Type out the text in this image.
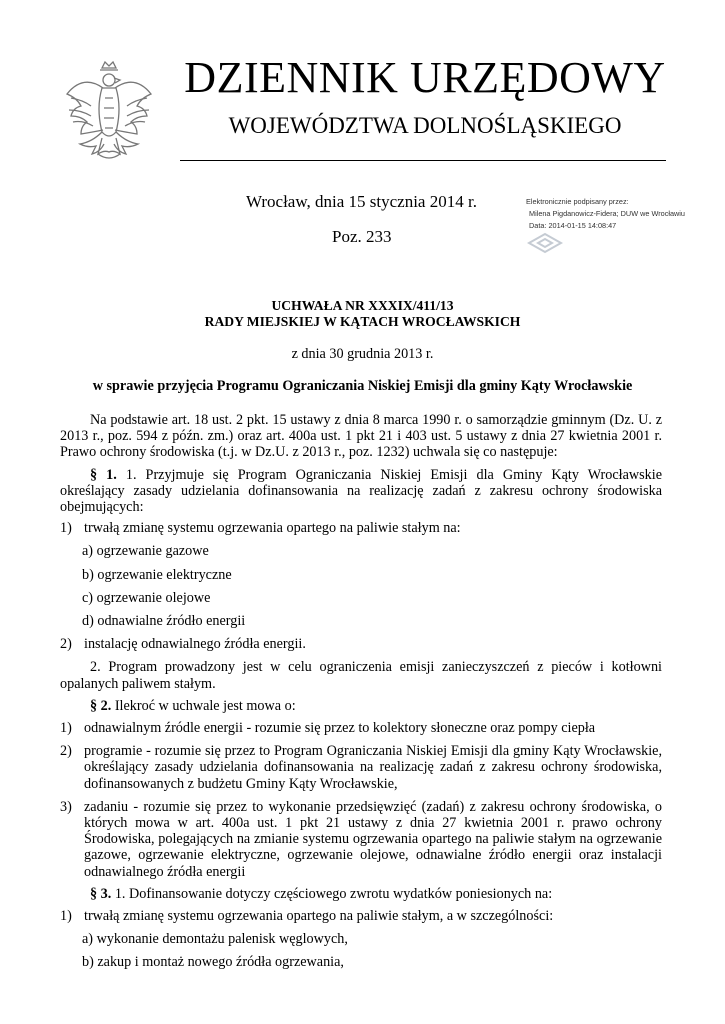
DZIENNIK URZĘDOWY
WOJEWÓDZTWA DOLNOŚLĄSKIEGO
Wrocław, dnia 15 stycznia 2014 r.
Poz. 233
Elektronicznie podpisany przez:
Milena Pigdanowicz-Fidera; DUW we Wrocławiu
Data: 2014-01-15 14:08:47
UCHWAŁA NR XXXIX/411/13
RADY MIEJSKIEJ W KĄTACH WROCŁAWSKICH
z dnia 30 grudnia 2013 r.
w sprawie przyjęcia Programu Ograniczania Niskiej Emisji dla gminy Kąty Wrocławskie

Na podstawie art. 18 ust. 2 pkt. 15 ustawy z dnia 8 marca 1990 r. o samorządzie gminnym (Dz. U. z 2013 r., poz. 594 z późn. zm.) oraz art. 400a ust. 1 pkt 21 i 403 ust. 5 ustawy z dnia 27 kwietnia 2001 r. Prawo ochrony środowiska (t.j. w Dz.U. z 2013 r., poz. 1232) uchwala się co następuje:

§ 1. 1. Przyjmuje się Program Ograniczania Niskiej Emisji dla Gminy Kąty Wrocławskie określający zasady udzielania dofinansowania na realizację zadań z zakresu ochrony środowiska obejmujących:

1) trwałą zmianę systemu ogrzewania opartego na paliwie stałym na:
a) ogrzewanie gazowe
b) ogrzewanie elektryczne
c) ogrzewanie olejowe
d) odnawialne źródło energii
2) instalację odnawialnego źródła energii.

2. Program prowadzony jest w celu ograniczenia emisji zanieczyszczeń z pieców i kotłowni opalanych paliwem stałym.

§ 2. Ilekroć w uchwale jest mowa o:

1) odnawialnym źródle energii - rozumie się przez to kolektory słoneczne oraz pompy ciepła
2) programie - rozumie się przez to Program Ograniczania Niskiej Emisji dla gminy Kąty Wrocławskie, określający zasady udzielania dofinansowania na realizację zadań z zakresu ochrony środowiska, dofinansowanych z budżetu Gminy Kąty Wrocławskie,
3) zadaniu - rozumie się przez to wykonanie przedsięwzięć (zadań) z zakresu ochrony środowiska, o których mowa w art. 400a ust. 1 pkt 21 ustawy z dnia 27 kwietnia 2001 r. prawo ochrony Środowiska, polegających na zmianie systemu ogrzewania opartego na paliwie stałym na ogrzewanie gazowe, ogrzewanie elektryczne, ogrzewanie olejowe, odnawialne źródło energii oraz instalacji odnawialnego źródła energii

§ 3. 1. Dofinansowanie dotyczy częściowego zwrotu wydatków poniesionych na:

1) trwałą zmianę systemu ogrzewania opartego na paliwie stałym, a w szczególności:
a) wykonanie demontażu palenisk węglowych,
b) zakup i montaż nowego źródła ogrzewania,
